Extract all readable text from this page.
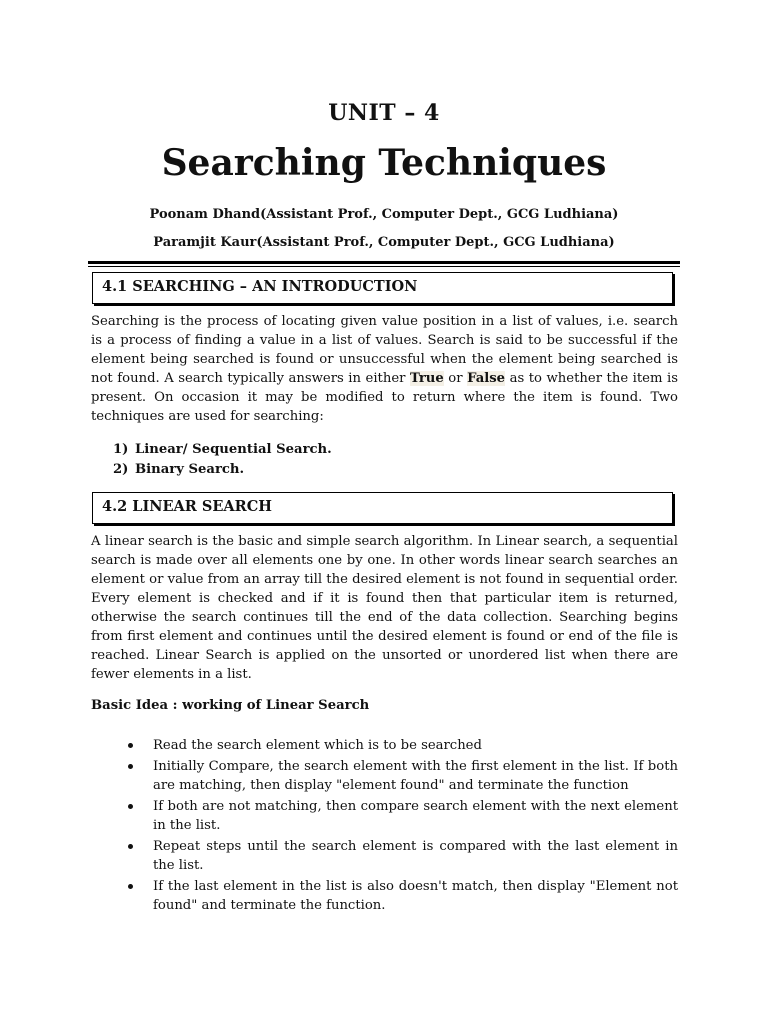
UNIT – 4
Searching Techniques
Poonam Dhand(Assistant Prof., Computer Dept., GCG Ludhiana)
Paramjit Kaur(Assistant Prof., Computer Dept., GCG Ludhiana)
4.1 SEARCHING – AN INTRODUCTION
Searching is the process of locating given value position in a list of values, i.e. search is a process of finding a value in a list of values. Search is said to be successful if the element being searched is found or unsuccessful when the element being searched is not found. A search typically answers in either True or False as to whether the item is present. On occasion it may be modified to return where the item is found. Two techniques are used for searching:
1) Linear/ Sequential Search.
2) Binary Search.
4.2 LINEAR SEARCH
A linear search is the basic and simple search algorithm. In Linear search, a sequential search is made over all elements one by one. In other words linear search searches an element or value from an array till the desired element is not found in sequential order. Every element is checked and if it is found then that particular item is returned, otherwise the search continues till the end of the data collection. Searching begins from first element and continues until the desired element is found or end of the file is reached. Linear Search is applied on the unsorted or unordered list when there are fewer elements in a list.
Basic Idea : working of Linear Search
Read the search element which is to be searched
Initially Compare, the search element with the first element in the list. If both are matching, then display "element found" and terminate the function
If both are not matching, then compare search element with the next element in the list.
Repeat steps until the search element is compared with the last element in the list.
If the last element in the list is also doesn't match, then display "Element not found" and terminate the function.
